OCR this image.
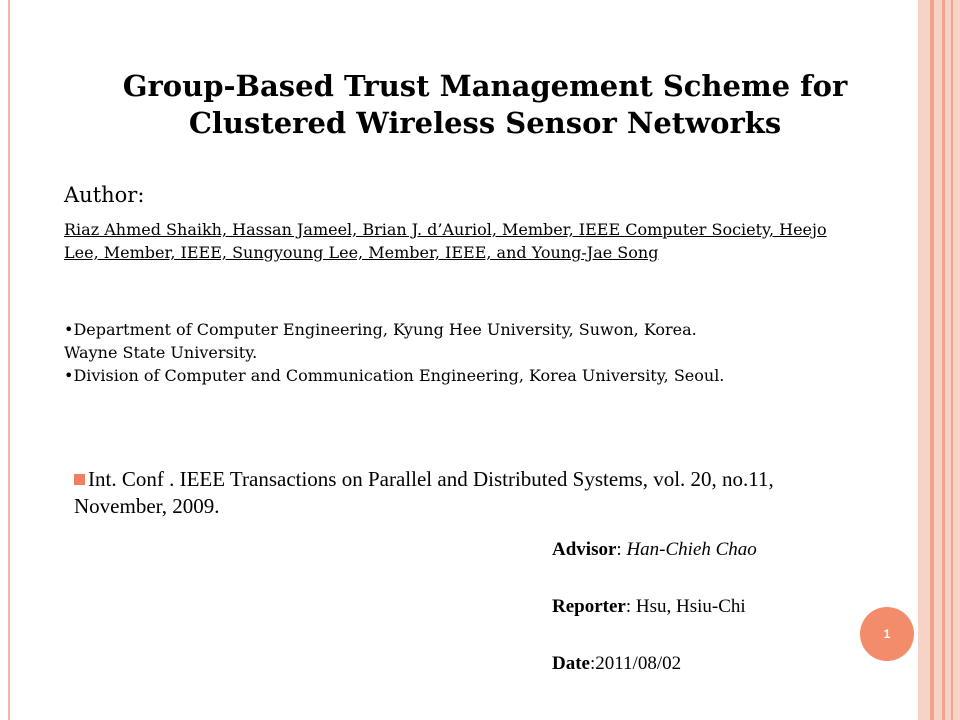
Group-Based Trust Management Scheme for
Clustered Wireless Sensor Networks
Author:
Riaz Ahmed Shaikh, Hassan Jameel, Brian J. d’Auriol, Member, IEEE Computer Society, Heejo Lee, Member, IEEE, Sungyoung Lee, Member, IEEE, and Young-Jae Song
•Department of Computer Engineering, Kyung Hee University, Suwon, Korea.
Wayne State University.
•Division of Computer and Communication Engineering, Korea University, Seoul.
Int. Conf . IEEE Transactions on Parallel and Distributed Systems, vol. 20, no.11, November, 2009.
Advisor: Han-Chieh Chao
Reporter: Hsu, Hsiu-Chi
Date:2011/08/02
1
